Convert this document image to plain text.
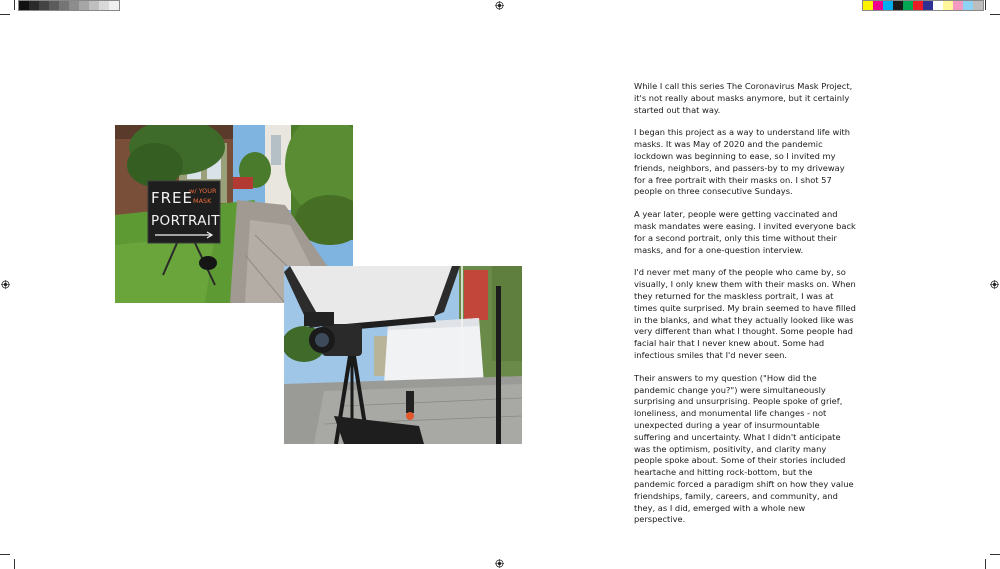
FREE
PORTRAIT
w/ YOUR
MASK

While I call this series The Coronavirus Mask Project, it's not really about masks anymore, but it certainly started out that way.

I began this project as a way to understand life with masks. It was May of 2020 and the pandemic lockdown was beginning to ease, so I invited my friends, neighbors, and passers-by to my driveway for a free portrait with their masks on. I shot 57 people on three consecutive Sundays.

A year later, people were getting vaccinated and mask mandates were easing. I invited everyone back for a second portrait, only this time without their masks, and for a one-question interview.

I'd never met many of the people who came by, so visually, I only knew them with their masks on. When they returned for the maskless portrait, I was at times quite surprised. My brain seemed to have filled in the blanks, and what they actually looked like was very different than what I thought. Some people had facial hair that I never knew about. Some had infectious smiles that I'd never seen.

Their answers to my question ("How did the pandemic change you?") were simultaneously surprising and unsurprising. People spoke of grief, loneliness, and monumental life changes - not unexpected during a year of insurmountable suffering and uncertainty. What I didn't anticipate was the optimism, positivity, and clarity many people spoke about. Some of their stories included heartache and hitting rock-bottom, but the pandemic forced a paradigm shift on how they value friendships, family, careers, and community, and they, as I did, emerged with a whole new perspective.
